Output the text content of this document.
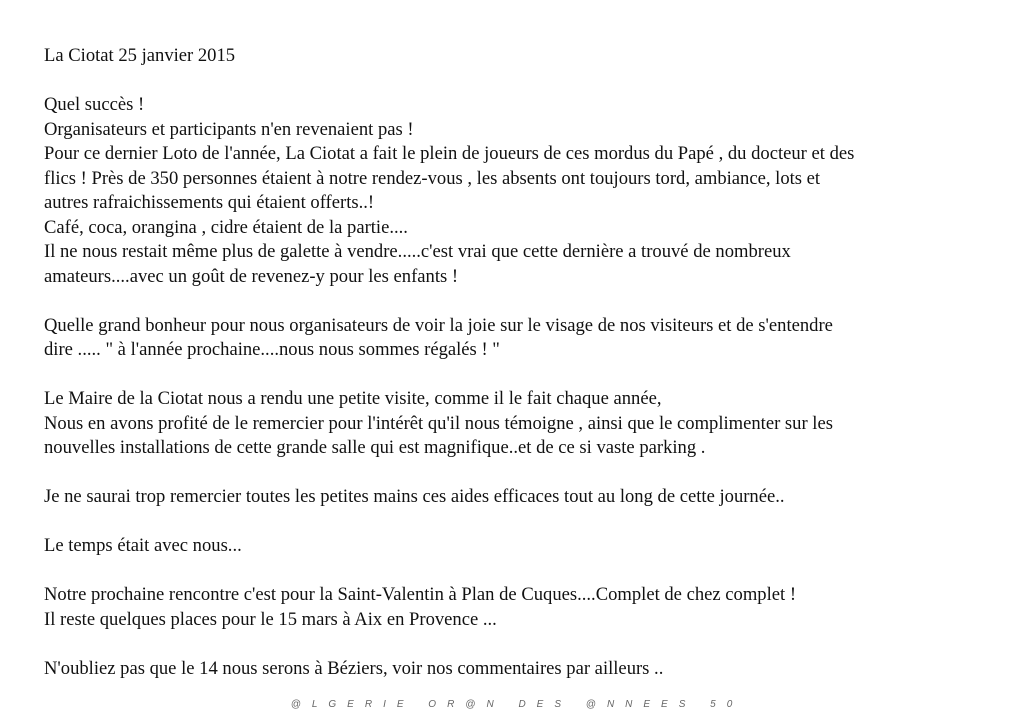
La Ciotat 25 janvier 2015
Quel succès !
Organisateurs et participants n'en revenaient pas !
Pour ce dernier Loto de l'année, La Ciotat a fait le plein de joueurs de ces mordus du Papé , du docteur et des
flics ! Près de 350 personnes étaient à notre rendez-vous , les absents ont toujours tord, ambiance, lots et
autres rafraichissements qui étaient offerts..!
Café, coca, orangina , cidre étaient de la partie....
Il ne nous restait même plus de galette à vendre.....c'est vrai que cette dernière a trouvé de nombreux
amateurs....avec un goût de revenez-y pour les enfants !
Quelle grand bonheur pour nous organisateurs de voir la joie sur le visage de nos visiteurs et de s'entendre
dire ..... " à l'année prochaine....nous nous sommes régalés ! "
Le Maire de la Ciotat nous a rendu une petite visite, comme il le fait chaque année,
Nous en avons profité de le remercier pour l'intérêt qu'il nous témoigne , ainsi que le complimenter sur les
nouvelles installations de cette grande salle qui est magnifique..et de ce si vaste parking .
Je ne saurai trop remercier toutes les petites mains ces aides efficaces tout au long de cette journée..
Le temps était avec nous...
Notre prochaine rencontre c'est pour la Saint-Valentin à Plan de Cuques....Complet de chez complet !
Il reste quelques places pour le 15 mars à Aix en Provence ...
N'oubliez pas que le 14 nous serons à Béziers, voir nos commentaires par ailleurs ..
@LGERIE OR@N DES @NNEES 50
